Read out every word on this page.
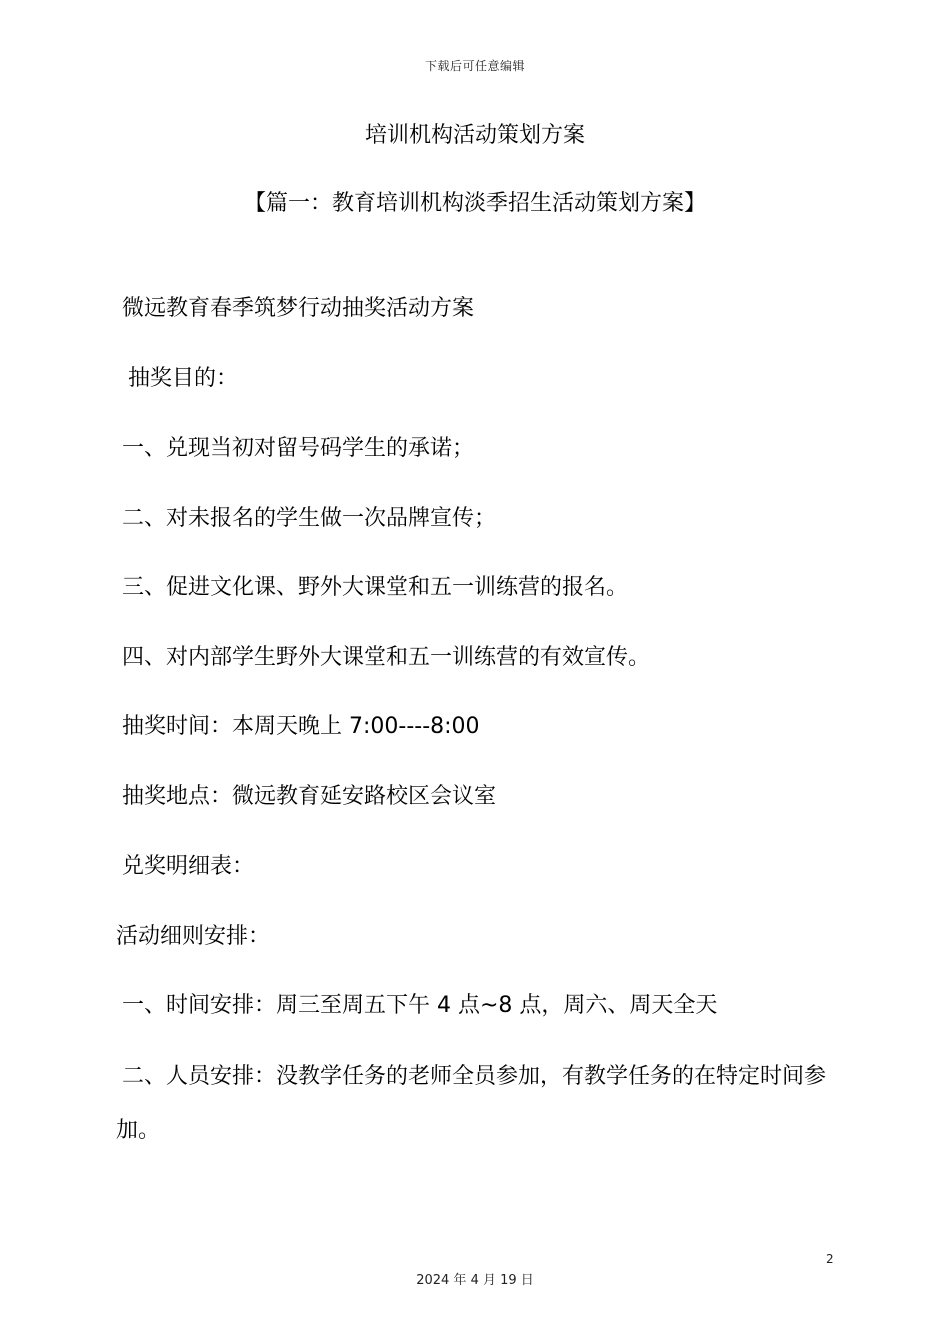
下载后可任意编辑
培训机构活动策划方案
【篇一：教育培训机构淡季招生活动策划方案】
微远教育春季筑梦行动抽奖活动方案
抽奖目的：
一、兑现当初对留号码学生的承诺；
二、对未报名的学生做一次品牌宣传；
三、促进文化课、野外大课堂和五一训练营的报名。
四、对内部学生野外大课堂和五一训练营的有效宣传。
抽奖时间：本周天晚上 7:00----8:00
抽奖地点：微远教育延安路校区会议室
兑奖明细表：
活动细则安排：
一、时间安排：周三至周五下午 4 点~8 点，周六、周天全天
二、人员安排：没教学任务的老师全员参加，有教学任务的在特定时间参加。
2
2024 年 4 月 19 日
